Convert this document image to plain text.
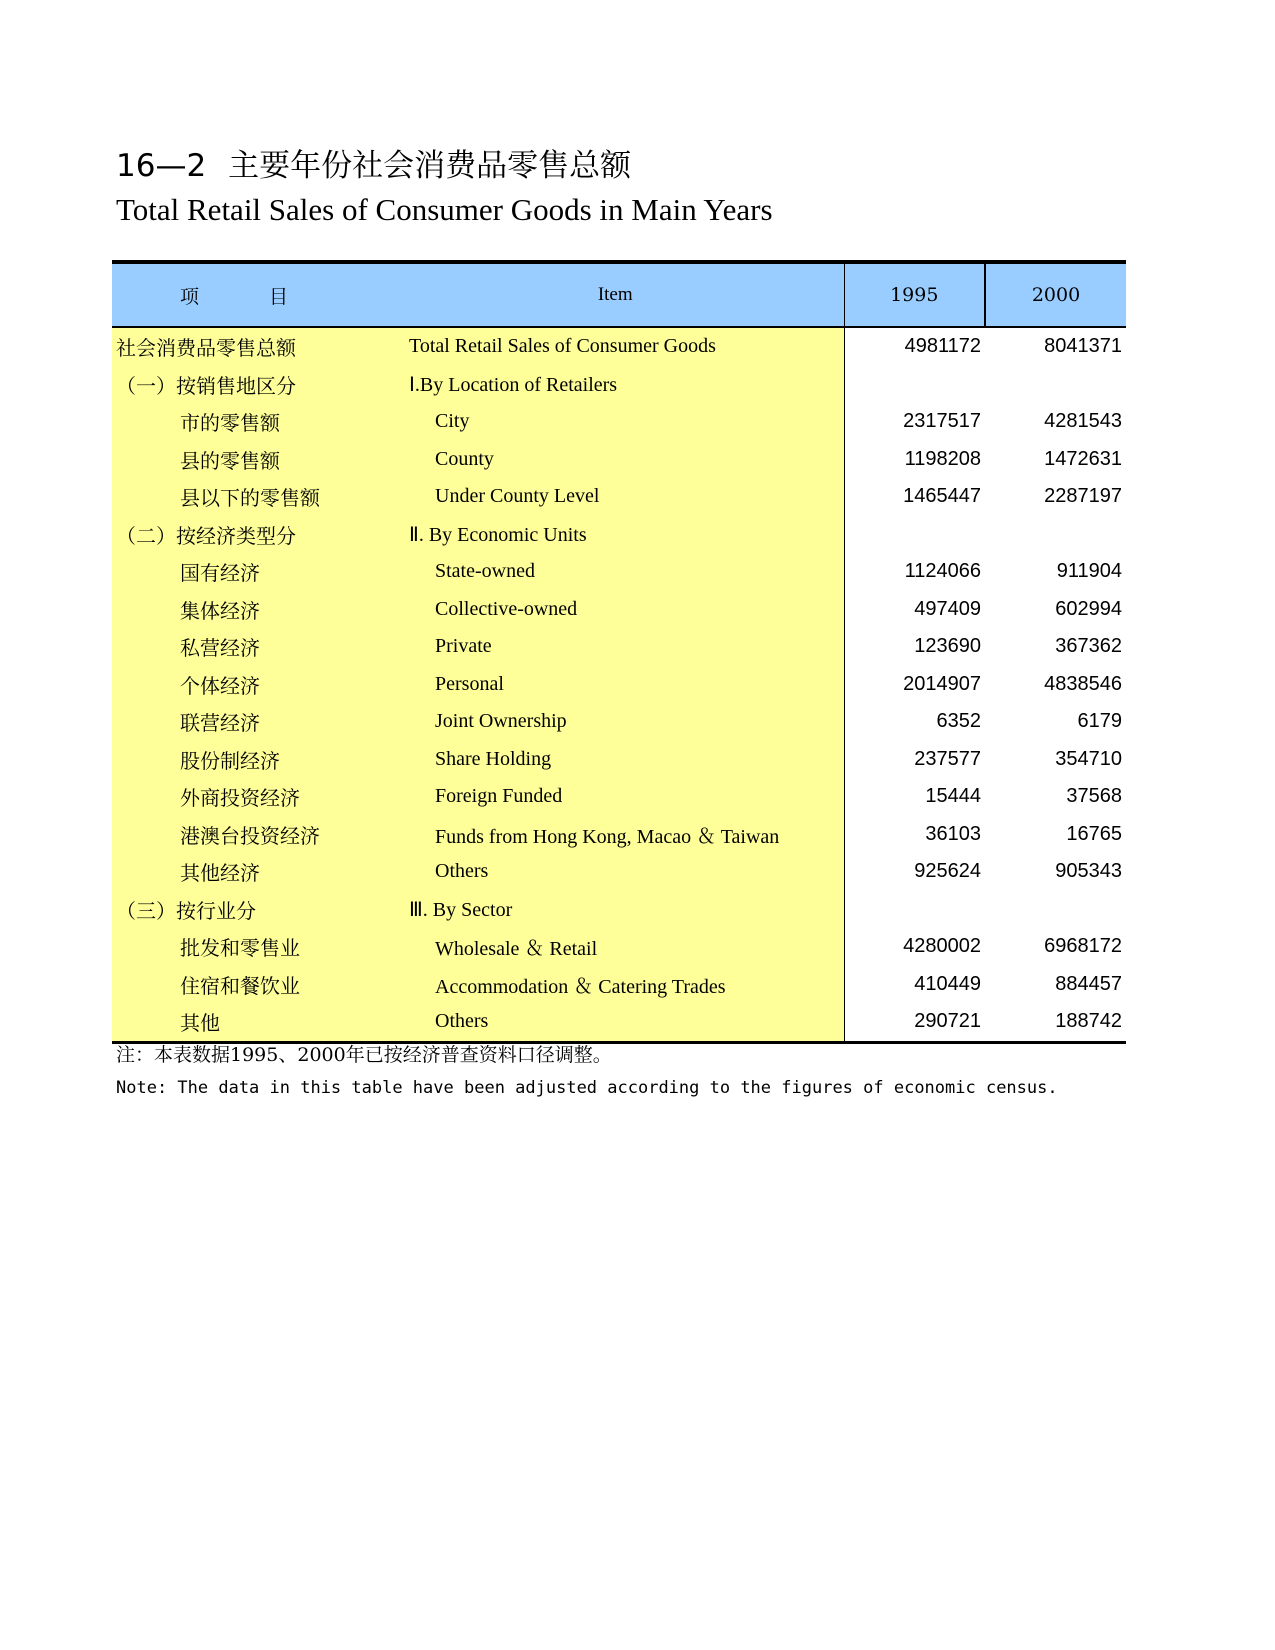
16—2 主要年份社会消费品零售总额
Total Retail Sales of Consumer Goods in Main Years
项 目	Item	1995	2000
社会消费品零售总额	Total Retail Sales of Consumer Goods	4981172	8041371
（一）按销售地区分	Ⅰ.By Location of Retailers		
市的零售额	City	2317517	4281543
县的零售额	County	1198208	1472631
县以下的零售额	Under County Level	1465447	2287197
（二）按经济类型分	Ⅱ. By Economic Units		
国有经济	State-owned	1124066	911904
集体经济	Collective-owned	497409	602994
私营经济	Private	123690	367362
个体经济	Personal	2014907	4838546
联营经济	Joint Ownership	6352	6179
股份制经济	Share Holding	237577	354710
外商投资经济	Foreign Funded	15444	37568
港澳台投资经济	Funds from Hong Kong, Macao ＆ Taiwan	36103	16765
其他经济	Others	925624	905343
（三）按行业分	Ⅲ. By Sector		
批发和零售业	Wholesale ＆ Retail	4280002	6968172
住宿和餐饮业	Accommodation ＆ Catering Trades	410449	884457
其他	Others	290721	188742
注：本表数据1995、2000年已按经济普查资料口径调整。
Note: The data in this table have been adjusted according to the figures of economic census.
